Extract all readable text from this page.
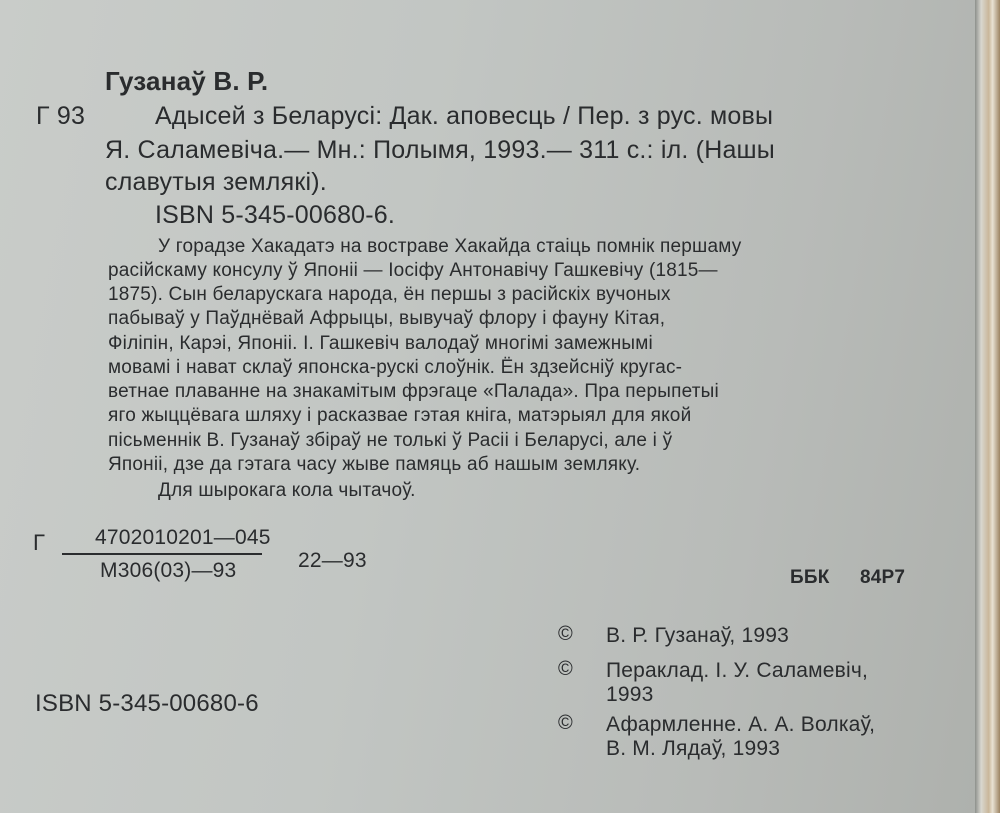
Гузанаў В. Р.
Г 93	Адысей з Беларусі: Дак. аповесць / Пер. з рус. мовы
Я. Саламевіча.— Мн.: Полымя, 1993.— 311 с.: іл. (Нашы
славутыя землякі).
ISBN 5-345-00680-6.
У горадзе Хакадатэ на востраве Хакайда стаіць помнік першаму
расійскаму консулу ў Японіі — Іосіфу Антонавічу Гашкевічу (1815—
1875). Сын беларускага народа, ён першы з расійскіх вучоных
пабываў у Паўднёвай Афрыцы, вывучаў флору і фауну Кітая,
Філіпін, Карэі, Японіі. І. Гашкевіч валодаў многімі замежнымі
мовамі і нават склаў японска-рускі слоўнік. Ён здзейсніў кругас-
ветнае плаванне на знакамітым фрэгаце «Палада». Пра перыпетыі
яго жыццёвага шляху і расказвае гэтая кніга, матэрыял для якой
пісьменнік В. Гузанаў збіраў не толькі ў Расіі і Беларусі, але і ў
Японіі, дзе да гэтага часу жыве памяць аб нашым земляку.
Для шырокага кола чытачоў.
Г 4702010201—045
М306(03)—93	22—93
ББК 84Р7
ISBN 5-345-00680-6
© В. Р. Гузанаў, 1993
© Пераклад. І. У. Саламевіч,
1993
© Афармленне. А. А. Волкаў,
В. М. Лядаў, 1993
